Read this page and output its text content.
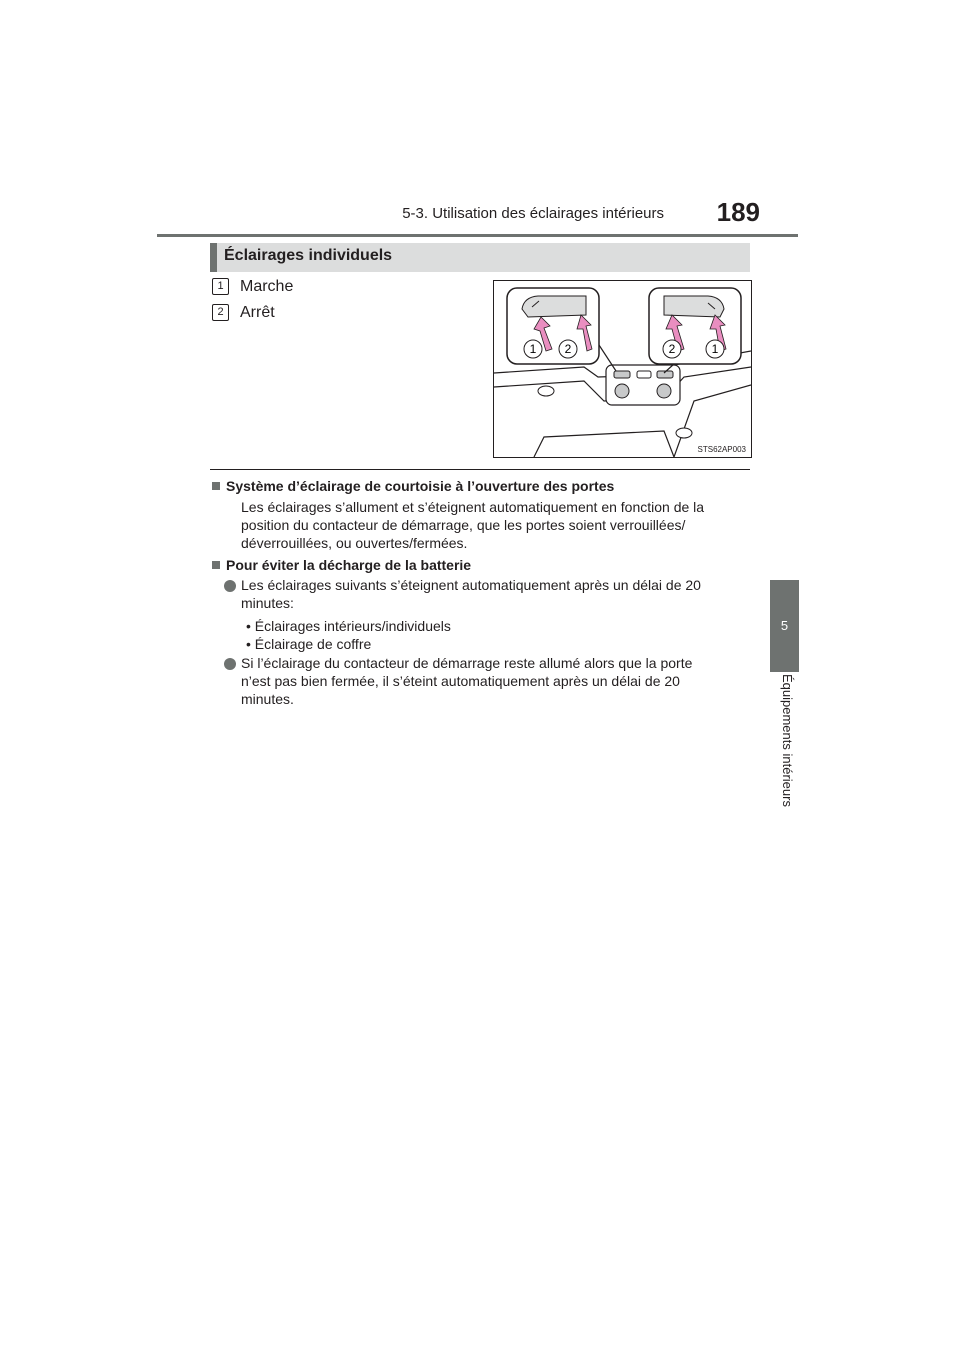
5-3. Utilisation des éclairages intérieurs	189
5
Équipements intérieurs
Éclairages individuels
1 Marche
2 Arrêt
1 2	2	1
STS62AP003
Système d’éclairage de courtoisie à l’ouverture des portes
Les éclairages s’allument et s’éteignent automatiquement en fonction de la
position du contacteur de démarrage, que les portes soient verrouillées/
déverrouillées, ou ouvertes/fermées.
Pour éviter la décharge de la batterie
Les éclairages suivants s’éteignent automatiquement après un délai de 20
minutes:
• Éclairages intérieurs/individuels
• Éclairage de coffre
Si l’éclairage du contacteur de démarrage reste allumé alors que la porte
n’est pas bien fermée, il s’éteint automatiquement après un délai de 20
minutes.
